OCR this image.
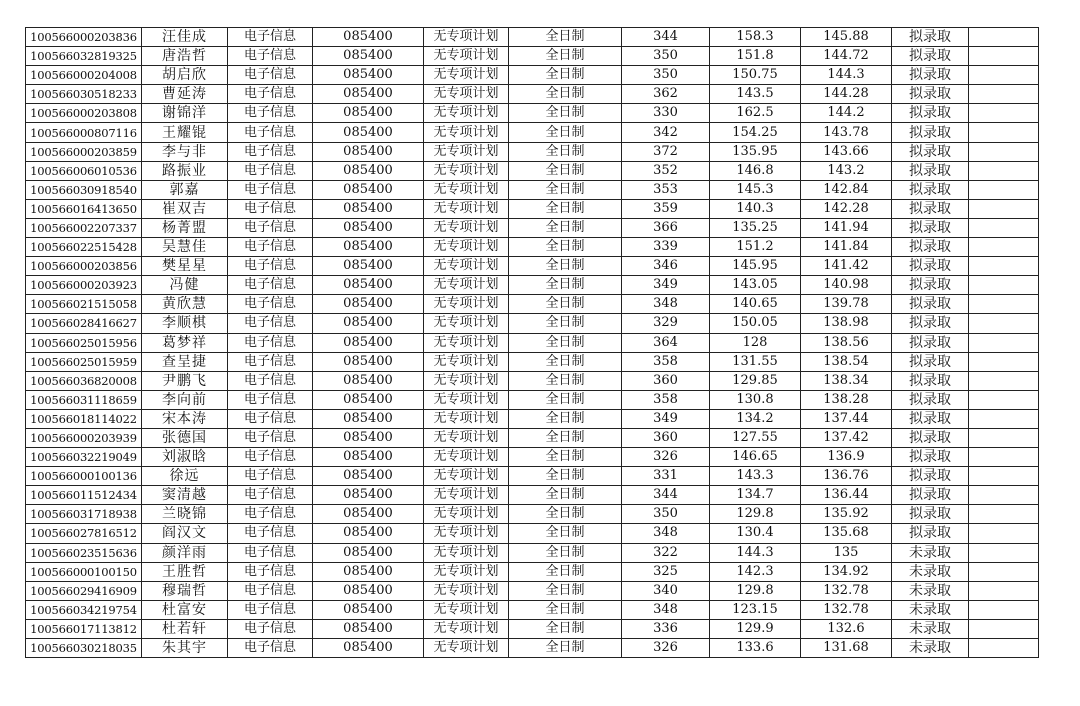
100566000203836	汪佳成	电子信息	085400	无专项计划	全日制	344	158.3	145.88	拟录取	
100566032819325	唐浩哲	电子信息	085400	无专项计划	全日制	350	151.8	144.72	拟录取	
100566000204008	胡启欣	电子信息	085400	无专项计划	全日制	350	150.75	144.3	拟录取	
100566030518233	曹延涛	电子信息	085400	无专项计划	全日制	362	143.5	144.28	拟录取	
100566000203808	谢锦洋	电子信息	085400	无专项计划	全日制	330	162.5	144.2	拟录取	
100566000807116	王耀锟	电子信息	085400	无专项计划	全日制	342	154.25	143.78	拟录取	
100566000203859	李与非	电子信息	085400	无专项计划	全日制	372	135.95	143.66	拟录取	
100566006010536	路振业	电子信息	085400	无专项计划	全日制	352	146.8	143.2	拟录取	
100566030918540	郭嘉	电子信息	085400	无专项计划	全日制	353	145.3	142.84	拟录取	
100566016413650	崔双吉	电子信息	085400	无专项计划	全日制	359	140.3	142.28	拟录取	
100566002207337	杨菁盟	电子信息	085400	无专项计划	全日制	366	135.25	141.94	拟录取	
100566022515428	吴慧佳	电子信息	085400	无专项计划	全日制	339	151.2	141.84	拟录取	
100566000203856	樊星星	电子信息	085400	无专项计划	全日制	346	145.95	141.42	拟录取	
100566000203923	冯健	电子信息	085400	无专项计划	全日制	349	143.05	140.98	拟录取	
100566021515058	黄欣慧	电子信息	085400	无专项计划	全日制	348	140.65	139.78	拟录取	
100566028416627	李顺棋	电子信息	085400	无专项计划	全日制	329	150.05	138.98	拟录取	
100566025015956	葛梦祥	电子信息	085400	无专项计划	全日制	364	128	138.56	拟录取	
100566025015959	查呈捷	电子信息	085400	无专项计划	全日制	358	131.55	138.54	拟录取	
100566036820008	尹鹏飞	电子信息	085400	无专项计划	全日制	360	129.85	138.34	拟录取	
100566031118659	李向前	电子信息	085400	无专项计划	全日制	358	130.8	138.28	拟录取	
100566018114022	宋本涛	电子信息	085400	无专项计划	全日制	349	134.2	137.44	拟录取	
100566000203939	张德国	电子信息	085400	无专项计划	全日制	360	127.55	137.42	拟录取	
100566032219049	刘淑晗	电子信息	085400	无专项计划	全日制	326	146.65	136.9	拟录取	
100566000100136	徐远	电子信息	085400	无专项计划	全日制	331	143.3	136.76	拟录取	
100566011512434	窦清越	电子信息	085400	无专项计划	全日制	344	134.7	136.44	拟录取	
100566031718938	兰晓锦	电子信息	085400	无专项计划	全日制	350	129.8	135.92	拟录取	
100566027816512	阎汉文	电子信息	085400	无专项计划	全日制	348	130.4	135.68	拟录取	
100566023515636	颜洋雨	电子信息	085400	无专项计划	全日制	322	144.3	135	未录取	
100566000100150	王胜哲	电子信息	085400	无专项计划	全日制	325	142.3	134.92	未录取	
100566029416909	穆瑞哲	电子信息	085400	无专项计划	全日制	340	129.8	132.78	未录取	
100566034219754	杜富安	电子信息	085400	无专项计划	全日制	348	123.15	132.78	未录取	
100566017113812	杜若轩	电子信息	085400	无专项计划	全日制	336	129.9	132.6	未录取	
100566030218035	朱其宇	电子信息	085400	无专项计划	全日制	326	133.6	131.68	未录取	
